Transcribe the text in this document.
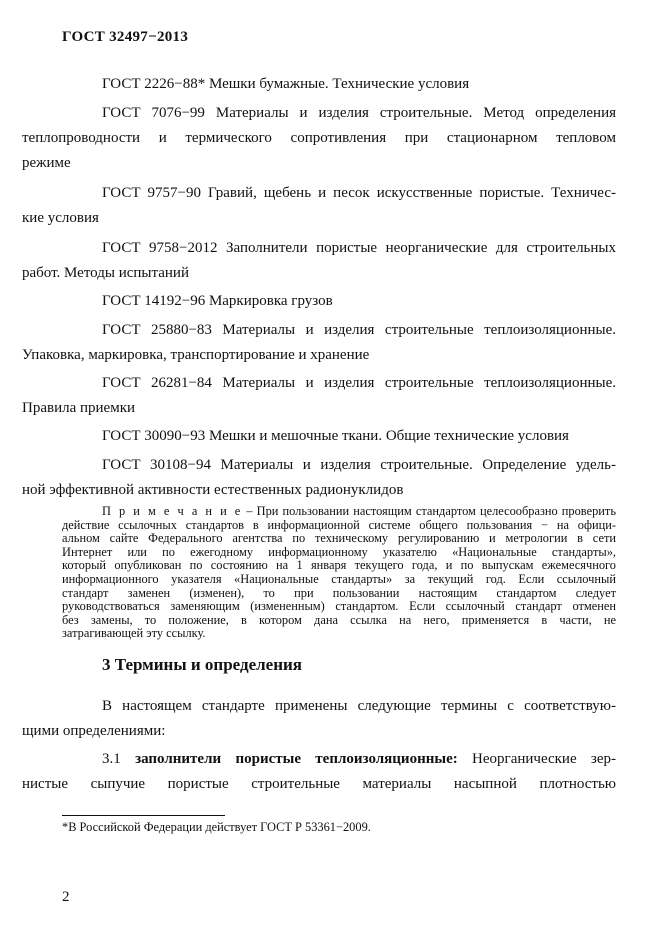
ГОСТ 32497−2013
ГОСТ 2226−88* Мешки бумажные. Технические условия
ГОСТ 7076−99 Материалы и изделия строительные. Метод определения
теплопроводности и термического сопротивления при стационарном тепловом
режиме
ГОСТ 9757−90 Гравий, щебень и песок искусственные пористые. Техничес-
кие условия
ГОСТ 9758−2012 Заполнители пористые неорганические для строительных
работ. Методы испытаний
ГОСТ 14192−96 Маркировка грузов
ГОСТ 25880−83 Материалы и изделия строительные теплоизоляционные.
Упаковка, маркировка, транспортирование и хранение
ГОСТ 26281−84 Материалы и изделия строительные теплоизоляционные.
Правила приемки
ГОСТ 30090−93 Мешки и мешочные ткани. Общие технические условия
ГОСТ 30108−94 Материалы и изделия строительные. Определение удель-
ной эффективной активности естественных радионуклидов
П р и м е ч а н и е – При пользовании настоящим стандартом целесообразно проверить
действие ссылочных стандартов в информационной системе общего пользования − на офици-
альном сайте Федерального агентства по техническому регулированию и метрологии в сети
Интернет или по ежегодному информационному указателю «Национальные стандарты»,
который опубликован по состоянию на 1 января текущего года, и по выпускам ежемесячного
информационного указателя «Национальные стандарты» за текущий год. Если ссылочный
стандарт заменен (изменен), то при пользовании настоящим стандартом следует
руководствоваться заменяющим (измененным) стандартом. Если ссылочный стандарт отменен
без замены, то положение, в котором дана ссылка на него, применяется в части, не
затрагивающей эту ссылку.
3 Термины и определения
В настоящем стандарте применены следующие термины с соответствую-
щими определениями:
3.1 заполнители пористые теплоизоляционные: Неорганические зер-
нистые сыпучие пористые строительные материалы насыпной плотностью
*В Российской Федерации действует ГОСТ Р 53361−2009.
2
